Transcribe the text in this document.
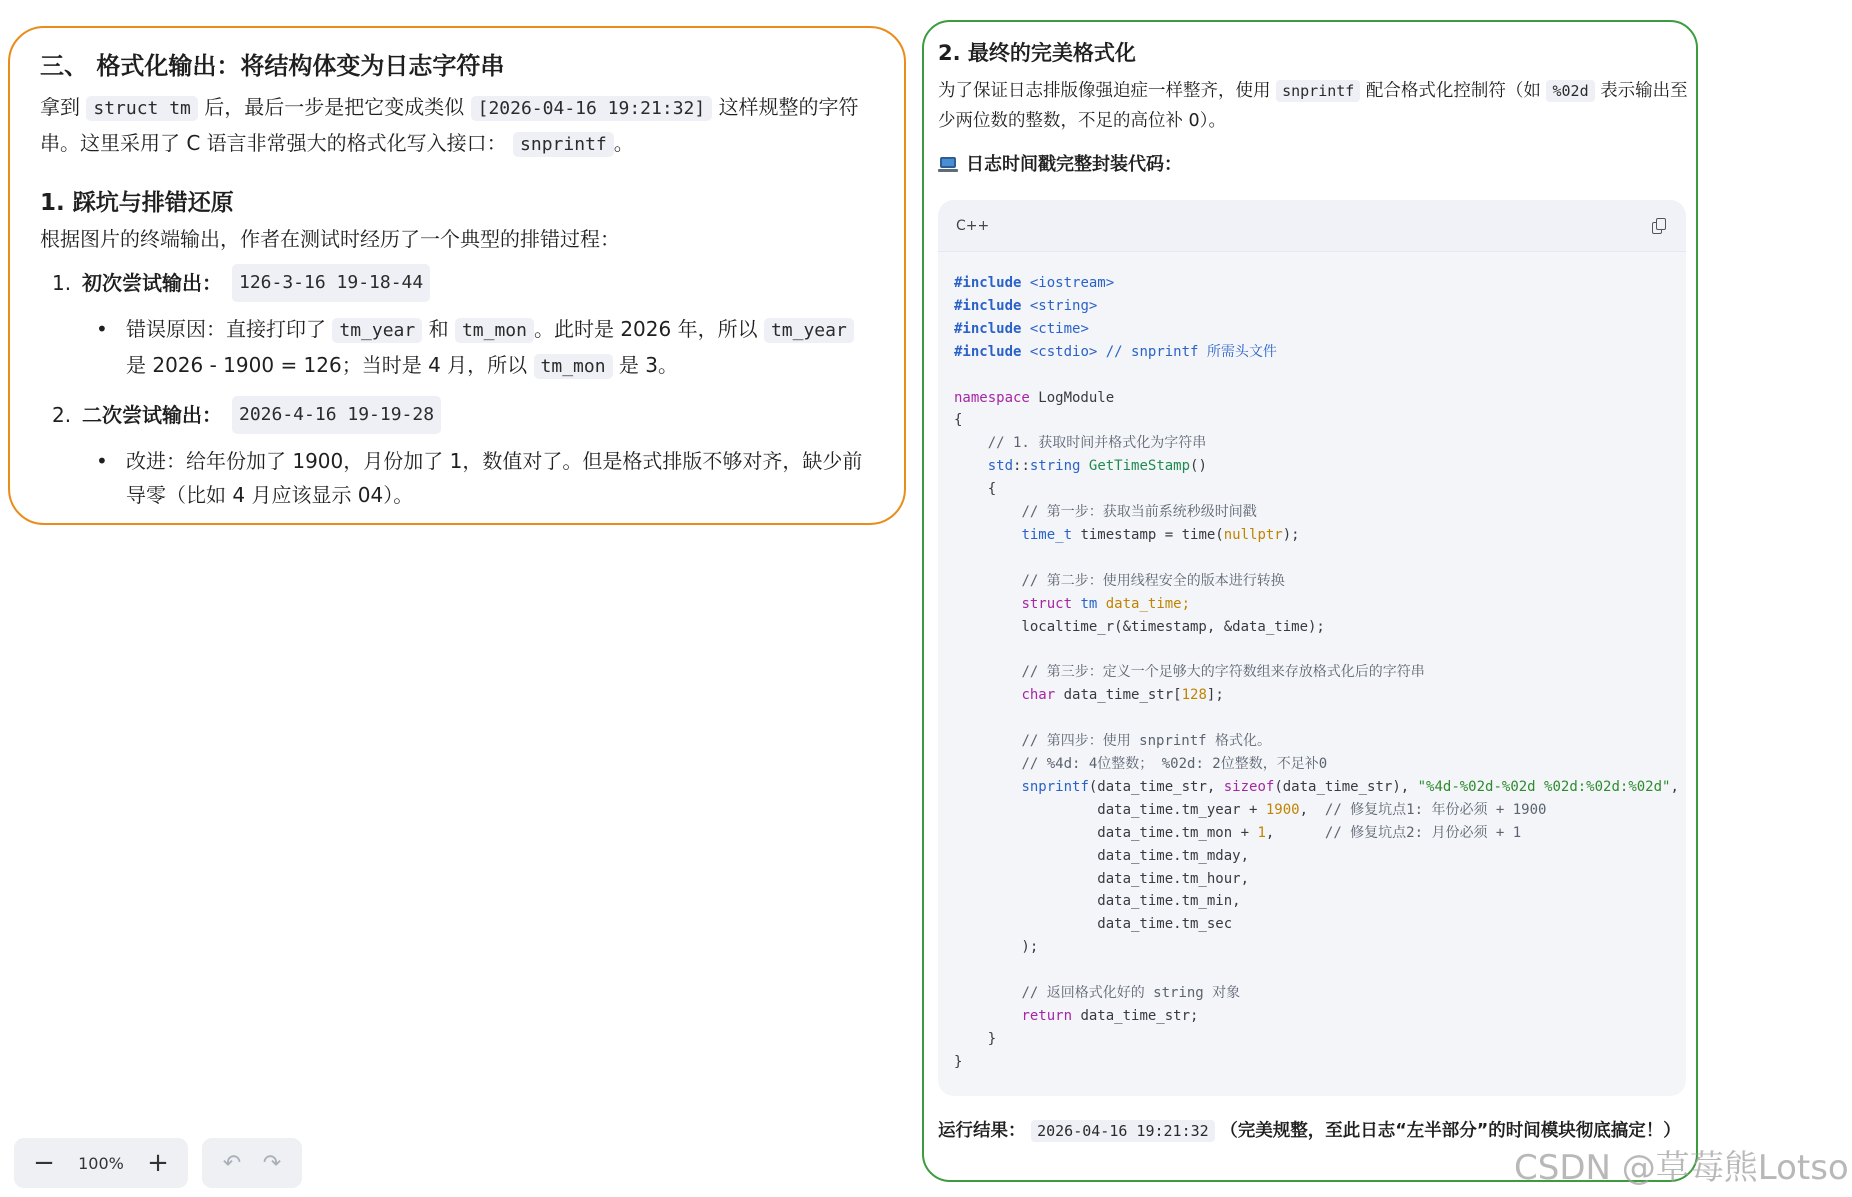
三、 格式化输出：将结构体变为日志字符串
拿到 struct tm 后，最后一步是把它变成类似 [2026-04-16 19:21:32] 这样规整的字符串。这里采用了 C 语言非常强大的格式化写入接口： snprintf 。
1. 踩坑与排错还原
根据图片的终端输出，作者在测试时经历了一个典型的排错过程：
1. 初次尝试输出： 126-3-16 19-18-44
• 错误原因：直接打印了 tm_year 和 tm_mon 。此时是 2026 年，所以 tm_year 是 2026 - 1900 = 126；当时是 4 月，所以 tm_mon 是 3。
2. 二次尝试输出： 2026-4-16 19-19-28
• 改进：给年份加了 1900，月份加了 1，数值对了。但是格式排版不够对齐，缺少前导零（比如 4 月应该显示 04）。
2. 最终的完美格式化
为了保证日志排版像强迫症一样整齐，使用 snprintf 配合格式化控制符（如 %02d 表示输出至少两位数的整数，不足的高位补 0）。
日志时间戳完整封装代码：
C++
#include <iostream>
#include <string>
#include <ctime>
#include <cstdio> // snprintf 所需头文件

namespace LogModule
{
// 1. 获取时间并格式化为字符串
std::string GetTimeStamp()
{
// 第一步：获取当前系统秒级时间戳
time_t timestamp = time(nullptr);

// 第二步：使用线程安全的版本进行转换
struct tm data_time;
localtime_r(&timestamp, &data_time);

// 第三步：定义一个足够大的字符数组来存放格式化后的字符串
char data_time_str[128];

// 第四步：使用 snprintf 格式化。
// %4d: 4位整数； %02d: 2位整数，不足补0
snprintf(data_time_str, sizeof(data_time_str), "%4d-%02d-%02d %02d:%02d:%02d",
data_time.tm_year + 1900,  // 修复坑点1: 年份必须 + 1900
data_time.tm_mon + 1,      // 修复坑点2: 月份必须 + 1
data_time.tm_mday,
data_time.tm_hour,
data_time.tm_min,
data_time.tm_sec
);

// 返回格式化好的 string 对象
return data_time_str;
}
}
运行结果： 2026-04-16 19:21:32 （完美规整，至此日志“左半部分”的时间模块彻底搞定！）
CSDN @草莓熊Lotso
−	100% +	↶ ↷
